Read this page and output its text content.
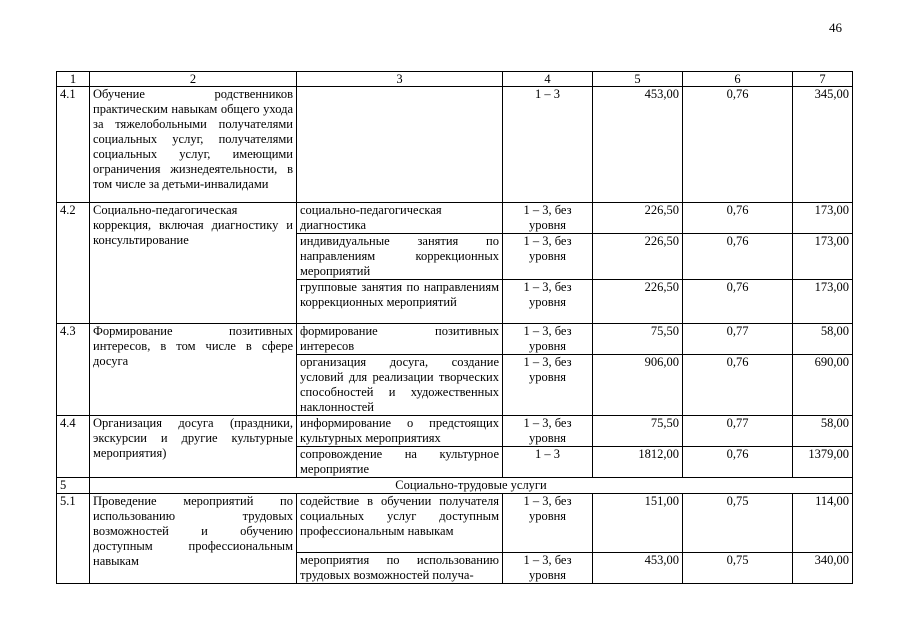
46
1	2	3	4	5	6	7
4.1	Обучение родственников практическим навыкам общего ухода за тяжелобольными получателями социальных услуг, получателями социальных услуг, имеющими ограничения жизнедеятельности, в том числе за детьми-инвалидами		1 – 3	453,00	0,76	345,00
4.2	Социально-педагогическая коррекция, включая диагностику и консультирование	социально-педагогическая диагностика	1 – 3, без уровня	226,50	0,76	173,00
		индивидуальные занятия по направлениям коррекционных мероприятий	1 – 3, без уровня	226,50	0,76	173,00
		групповые занятия по направлениям коррекционных мероприятий	1 – 3, без уровня	226,50	0,76	173,00
4.3	Формирование позитивных интересов, в том числе в сфере досуга	формирование позитивных интересов	1 – 3, без уровня	75,50	0,77	58,00
		организация досуга, создание условий для реализации творческих способностей и художественных наклонностей	1 – 3, без уровня	906,00	0,76	690,00
4.4	Организация досуга (праздники, экскурсии и другие культурные мероприятия)	информирование о предстоящих культурных мероприятиях	1 – 3, без уровня	75,50	0,77	58,00
		сопровождение на культурное мероприятие	1 – 3	1812,00	0,76	1379,00
5	Социально-трудовые услуги					
5.1	Проведение мероприятий по использованию трудовых возможностей и обучению доступным профессиональным навыкам	содействие в обучении получателя социальных услуг доступным профессиональным навыкам	1 – 3, без уровня	151,00	0,75	114,00
		мероприятия по использованию трудовых возможностей получа-	1 – 3, без уровня	453,00	0,75	340,00
